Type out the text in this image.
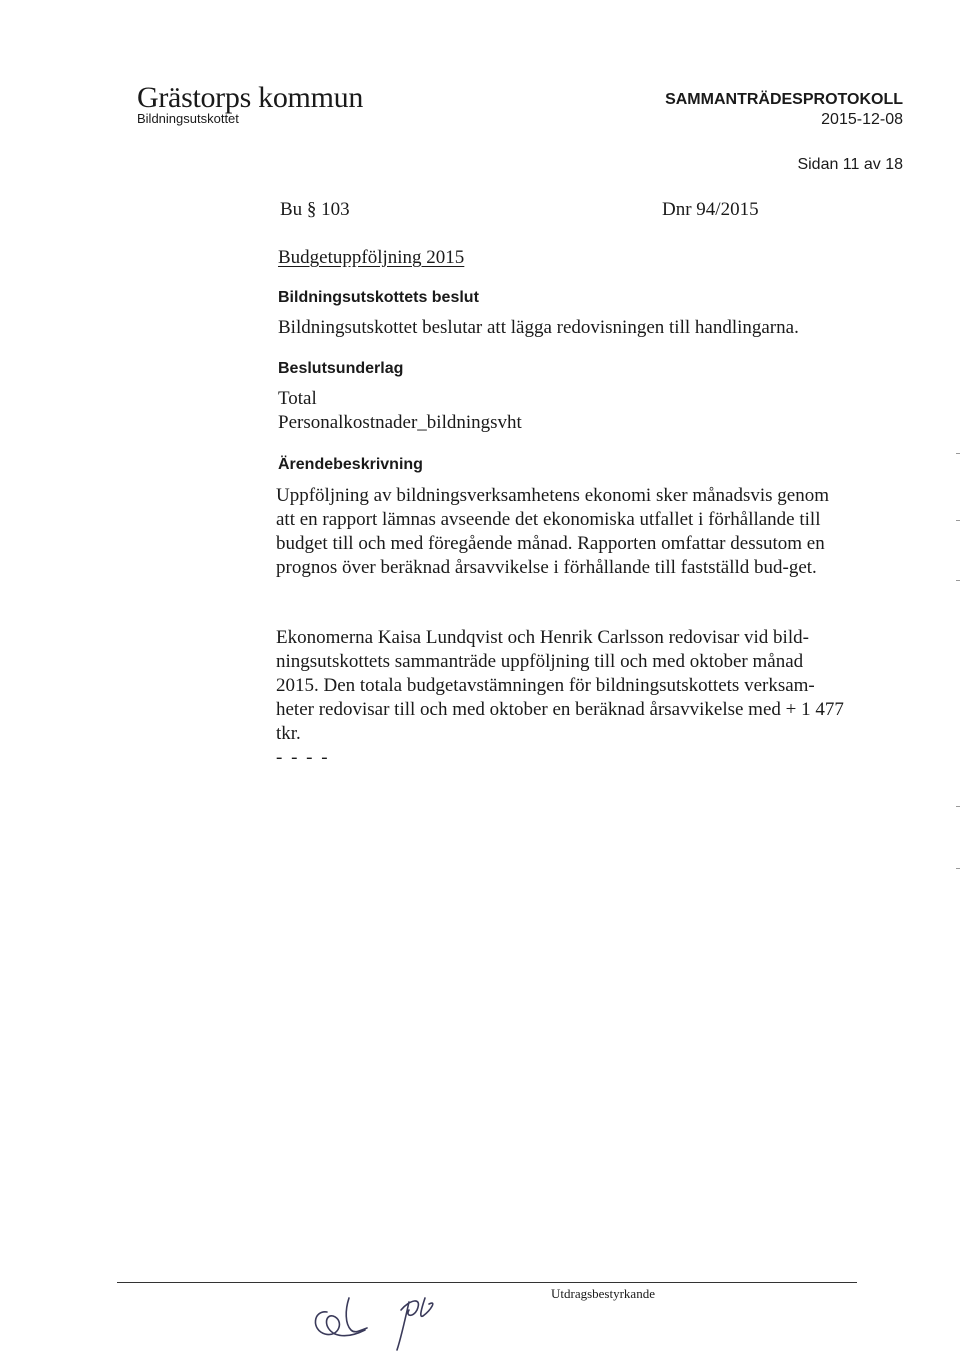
Grästorps kommun
Bildningsutskottet
SAMMANTRÄDESPROTOKOLL
2015-12-08
Sidan 11 av 18
Bu § 103	Dnr 94/2015
Budgetuppföljning 2015
Bildningsutskottets beslut
Bildningsutskottet beslutar att lägga redovisningen till handlingarna.
Beslutsunderlag
Total
Personalkostnader_bildningsvht
Ärendebeskrivning
Uppföljning av bildningsverksamhetens ekonomi sker månadsvis genom att en rapport lämnas avseende det ekonomiska utfallet i förhållande till budget till och med föregående månad. Rapporten omfattar dessutom en prognos över beräknad årsavvikelse i förhållande till fastställd bud-get.
Ekonomerna Kaisa Lundqvist och Henrik Carlsson redovisar vid bild-ningsutskottets sammanträde uppföljning till och med oktober månad 2015. Den totala budgetavstämningen för bildningsutskottets verksam-heter redovisar till och med oktober en beräknad årsavvikelse med + 1 477 tkr.
- - - -
Utdragsbestyrkande
